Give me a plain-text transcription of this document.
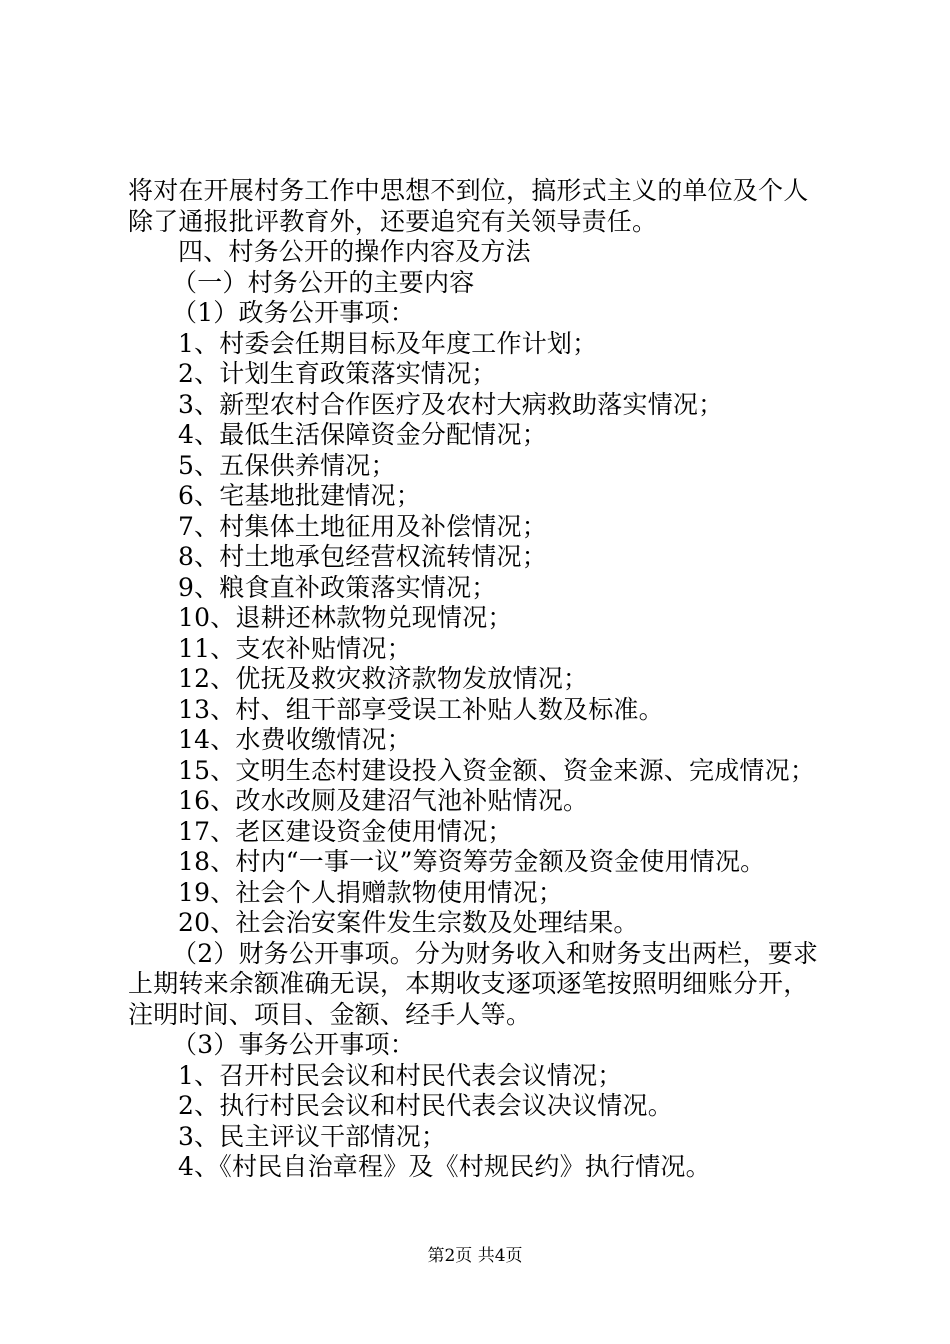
将对在开展村务工作中思想不到位，搞形式主义的单位及个人
除了通报批评教育外，还要追究有关领导责任。
四、村务公开的操作内容及方法
（一）村务公开的主要内容
（1）政务公开事项：
1、村委会任期目标及年度工作计划；
2、计划生育政策落实情况；
3、新型农村合作医疗及农村大病救助落实情况；
4、最低生活保障资金分配情况；
5、五保供养情况；
6、宅基地批建情况；
7、村集体土地征用及补偿情况；
8、村土地承包经营权流转情况；
9、粮食直补政策落实情况；
10、退耕还林款物兑现情况；
11、支农补贴情况；
12、优抚及救灾救济款物发放情况；
13、村、组干部享受误工补贴人数及标准。
14、水费收缴情况；
15、文明生态村建设投入资金额、资金来源、完成情况；
16、改水改厕及建沼气池补贴情况。
17、老区建设资金使用情况；
18、村内“一事一议”筹资筹劳金额及资金使用情况。
19、社会个人捐赠款物使用情况；
20、社会治安案件发生宗数及处理结果。
（2）财务公开事项。分为财务收入和财务支出两栏，要求
上期转来余额准确无误，本期收支逐项逐笔按照明细账分开，
注明时间、项目、金额、经手人等。
（3）事务公开事项：
1、召开村民会议和村民代表会议情况；
2、执行村民会议和村民代表会议决议情况。
3、民主评议干部情况；
4、《村民自治章程》及《村规民约》执行情况。
第2页 共4页
